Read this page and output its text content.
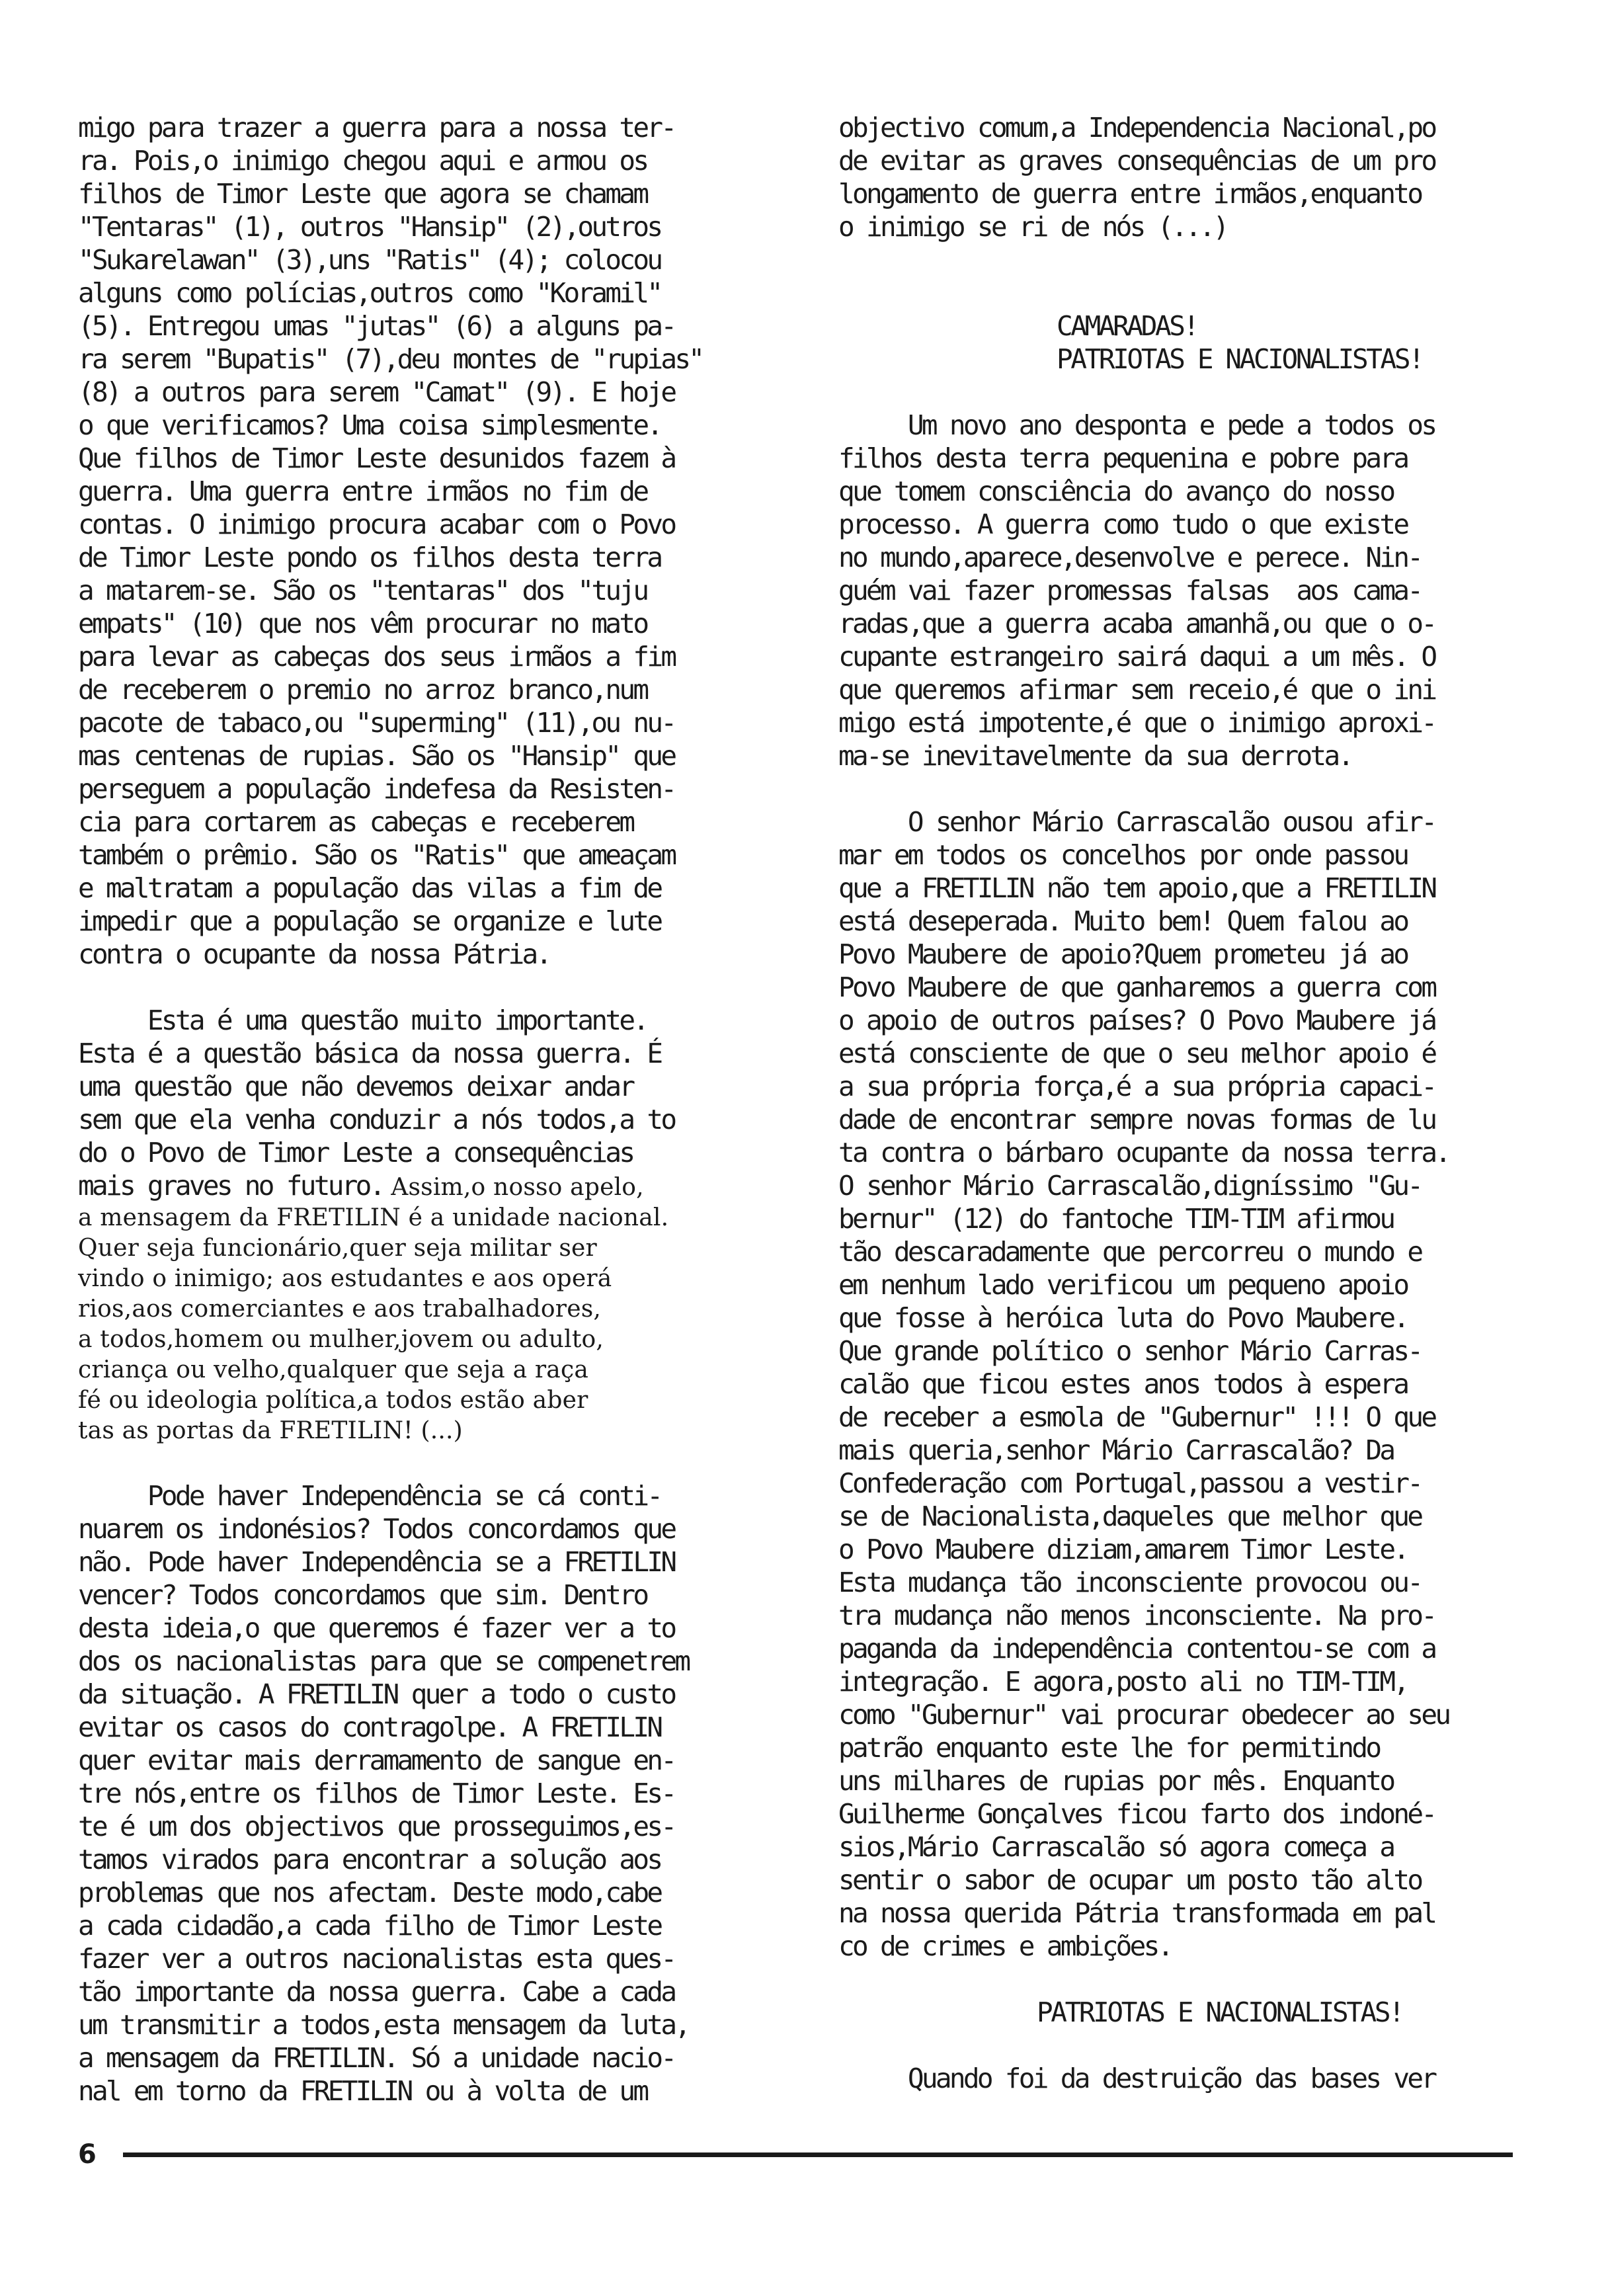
migo para trazer a guerra para a nossa ter-
ra. Pois,o inimigo chegou aqui e armou os
filhos de Timor Leste que agora se chamam
"Tentaras" (1), outros "Hansip" (2),outros
"Sukarelawan" (3),uns "Ratis" (4); colocou
alguns como polícias,outros como "Koramil"
(5). Entregou umas "jutas" (6) a alguns pa-
ra serem "Bupatis" (7),deu montes de "rupias"
(8) a outros para serem "Camat" (9). E hoje
o que verificamos? Uma coisa simplesmente.
Que filhos de Timor Leste desunidos fazem à
guerra. Uma guerra entre irmãos no fim de
contas. O inimigo procura acabar com o Povo
de Timor Leste pondo os filhos desta terra
a matarem-se. São os "tentaras" dos "tuju
empats" (10) que nos vêm procurar no mato
para levar as cabeças dos seus irmãos a fim
de receberem o premio no arroz branco,num
pacote de tabaco,ou "superming" (11),ou nu-
mas centenas de rupias. São os "Hansip" que
perseguem a população indefesa da Resisten-
cia para cortarem as cabeças e receberem
também o prêmio. São os "Ratis" que ameaçam
e maltratam a população das vilas a fim de
impedir que a população se organize e lute
contra o ocupante da nossa Pátria.

Esta é uma questão muito importante.
Esta é a questão básica da nossa guerra. É
uma questão que não devemos deixar andar
sem que ela venha conduzir a nós todos,a to
do o Povo de Timor Leste a consequências
mais graves no futuro. Assim,o nosso apelo,

a mensagem da FRETILIN é a unidade nacional.
Quer seja funcionário,quer seja militar ser
vindo o inimigo; aos estudantes e aos operá
rios,aos comerciantes e aos trabalhadores,
a todos,homem ou mulher,jovem ou adulto,
criança ou velho,qualquer que seja a raça
fé ou ideologia política,a todos estão aber
tas as portas da FRETILIN! (...)

Pode haver Independência se cá conti-
nuarem os indonésios? Todos concordamos que
não. Pode haver Independência se a FRETILIN
vencer? Todos concordamos que sim. Dentro
desta ideia,o que queremos é fazer ver a to
dos os nacionalistas para que se compenetrem
da situação. A FRETILIN quer a todo o custo
evitar os casos do contragolpe. A FRETILIN
quer evitar mais derramamento de sangue en-
tre nós,entre os filhos de Timor Leste. Es-
te é um dos objectivos que prosseguimos,es-
tamos virados para encontrar a solução aos
problemas que nos afectam. Deste modo,cabe
a cada cidadão,a cada filho de Timor Leste
fazer ver a outros nacionalistas esta ques-
tão importante da nossa guerra. Cabe a cada
um transmitir a todos,esta mensagem da luta,
a mensagem da FRETILIN. Só a unidade nacio-
nal em torno da FRETILIN ou à volta de um

objectivo comum,a Independencia Nacional,po
de evitar as graves consequências de um pro
longamento de guerra entre irmãos,enquanto
o inimigo se ri de nós (...)

CAMARADAS!

PATRIOTAS E NACIONALISTAS!

Um novo ano desponta e pede a todos os
filhos desta terra pequenina e pobre para
que tomem consciência do avanço do nosso
processo. A guerra como tudo o que existe
no mundo,aparece,desenvolve e perece. Nin-
guém vai fazer promessas falsas  aos cama-
radas,que a guerra acaba amanhã,ou que o o-
cupante estrangeiro sairá daqui a um mês. O
que queremos afirmar sem receio,é que o ini
migo está impotente,é que o inimigo aproxi-
ma-se inevitavelmente da sua derrota.

O senhor Mário Carrascalão ousou afir-
mar em todos os concelhos por onde passou
que a FRETILIN não tem apoio,que a FRETILIN
está deseperada. Muito bem! Quem falou ao
Povo Maubere de apoio?Quem prometeu já ao
Povo Maubere de que ganharemos a guerra com
o apoio de outros países? O Povo Maubere já
está consciente de que o seu melhor apoio é
a sua própria força,é a sua própria capaci-
dade de encontrar sempre novas formas de lu
ta contra o bárbaro ocupante da nossa terra.
O senhor Mário Carrascalão,digníssimo "Gu-
bernur" (12) do fantoche TIM-TIM afirmou
tão descaradamente que percorreu o mundo e
em nenhum lado verificou um pequeno apoio
que fosse à heróica luta do Povo Maubere.
Que grande político o senhor Mário Carras-
calão que ficou estes anos todos à espera
de receber a esmola de "Gubernur" !!! O que
mais queria,senhor Mário Carrascalão? Da
Confederação com Portugal,passou a vestir-
se de Nacionalista,daqueles que melhor que
o Povo Maubere diziam,amarem Timor Leste.
Esta mudança tão inconsciente provocou ou-
tra mudança não menos inconsciente. Na pro-
paganda da independência contentou-se com a
integração. E agora,posto ali no TIM-TIM,
como "Gubernur" vai procurar obedecer ao seu
patrão enquanto este lhe for permitindo
uns milhares de rupias por mês. Enquanto
Guilherme Gonçalves ficou farto dos indoné-
sios,Mário Carrascalão só agora começa a
sentir o sabor de ocupar um posto tão alto
na nossa querida Pátria transformada em pal
co de crimes e ambições.

PATRIOTAS E NACIONALISTAS!

Quando foi da destruição das bases ver

6
